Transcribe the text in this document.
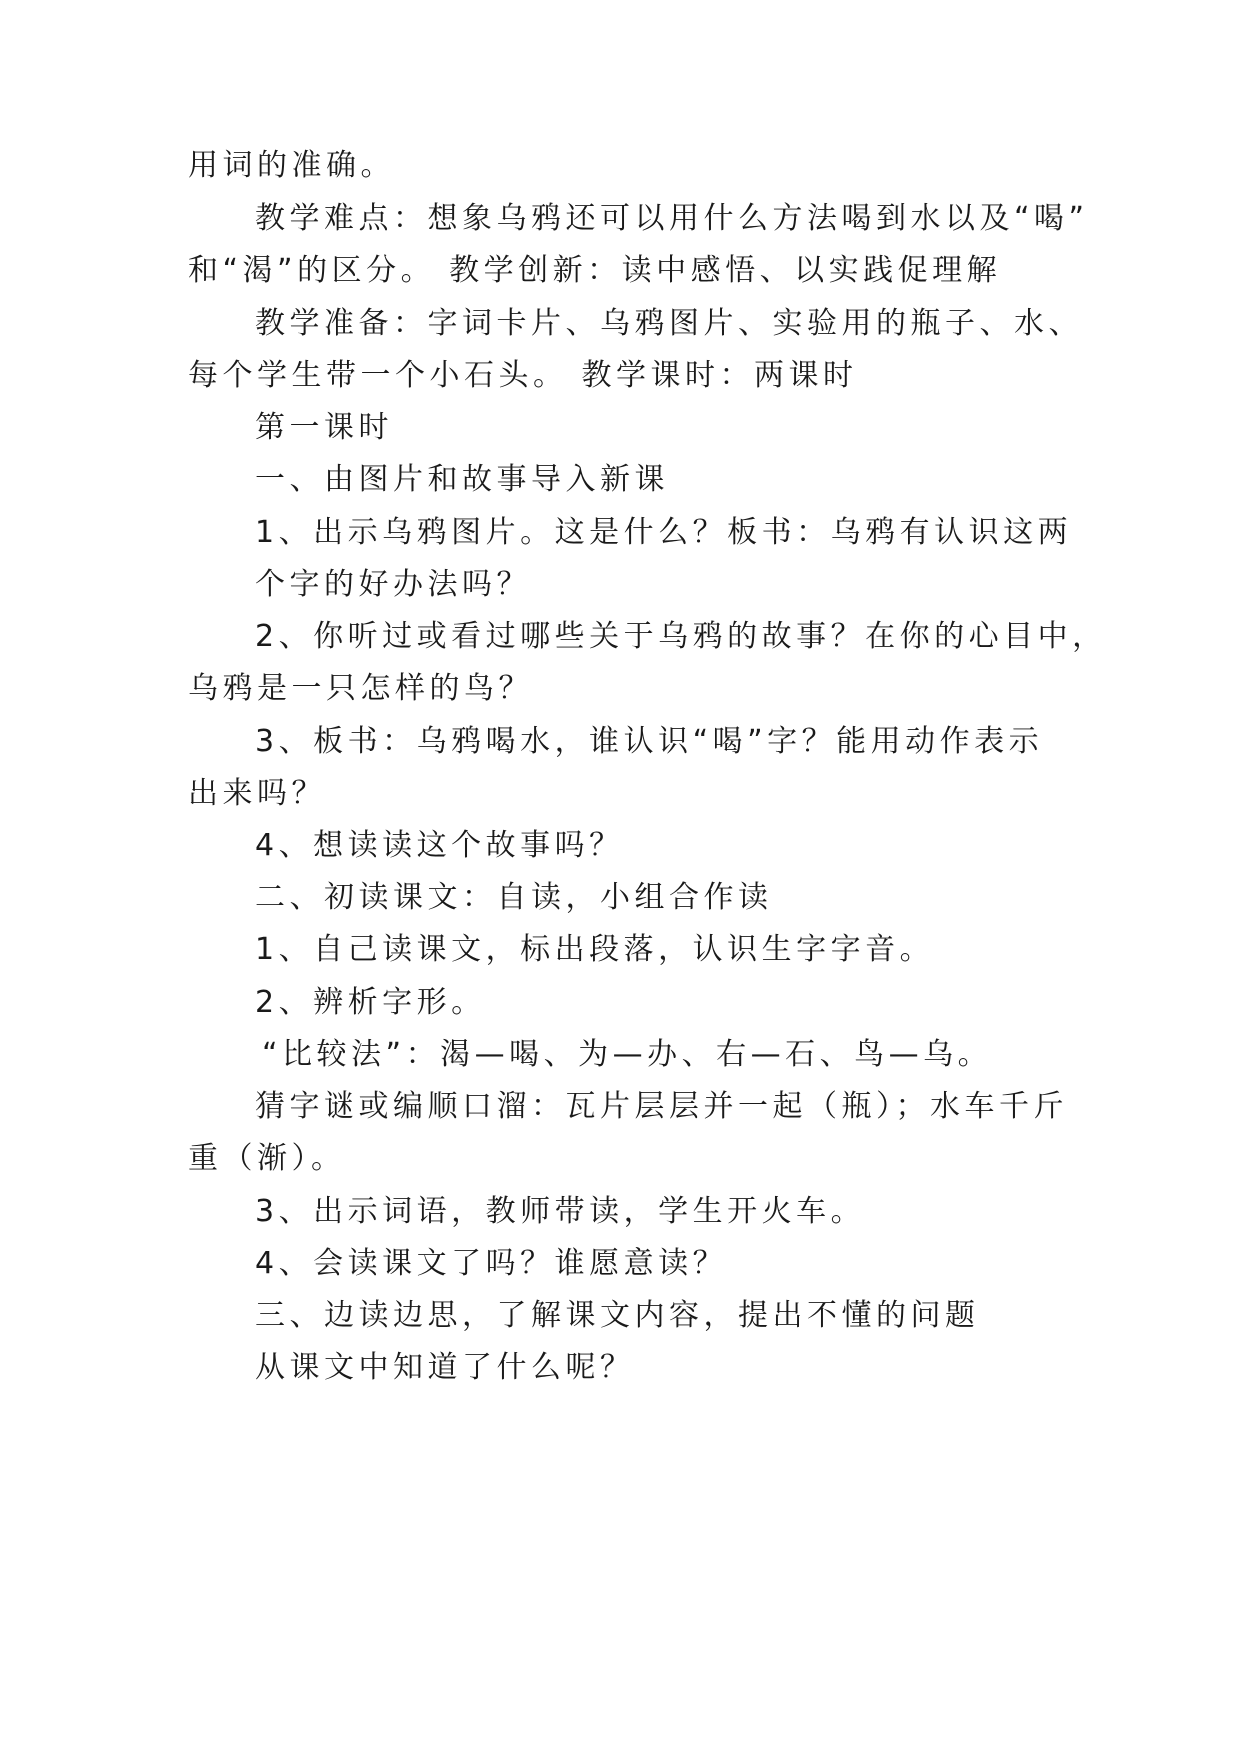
用词的准确。
教学难点：想象乌鸦还可以用什么方法喝到水以及“喝”
和“渴”的区分。 教学创新：读中感悟、以实践促理解
教学准备：字词卡片、乌鸦图片、实验用的瓶子、水、
每个学生带一个小石头。 教学课时：两课时
第一课时
一、由图片和故事导入新课
1、出示乌鸦图片。这是什么？板书：乌鸦有认识这两
个字的好办法吗？
2、你听过或看过哪些关于乌鸦的故事？在你的心目中，
乌鸦是一只怎样的鸟？
3、板书：乌鸦喝水，谁认识“喝”字？能用动作表示
出来吗？
4、想读读这个故事吗？
二、初读课文：自读，小组合作读
1、自己读课文，标出段落，认识生字字音。
2、辨析字形。
“比较法”：渴—喝、为—办、右—石、鸟—乌。
猜字谜或编顺口溜：瓦片层层并一起（瓶）；水车千斤
重（渐）。
3、出示词语，教师带读，学生开火车。
4、会读课文了吗？谁愿意读？
三、边读边思，了解课文内容，提出不懂的问题
从课文中知道了什么呢？
